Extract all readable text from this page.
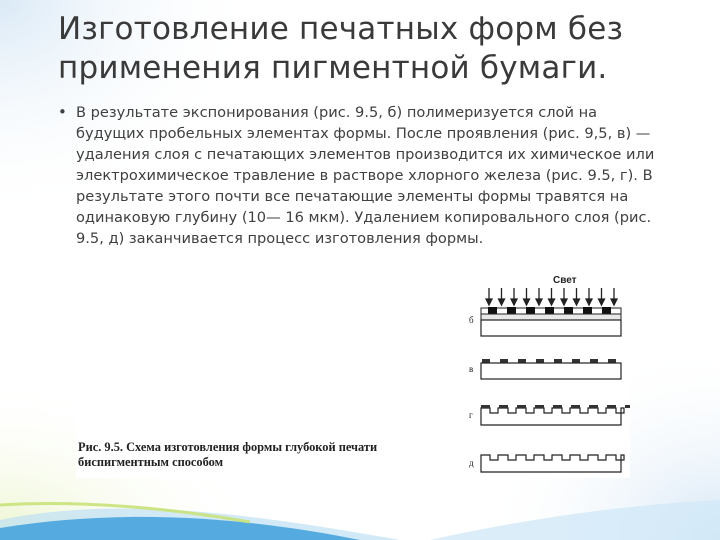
Изготовление печатных форм без применения пигментной бумаги.
• В результате экспонирования (рис. 9.5, б) полимеризуется слой на будущих пробельных элементах формы. После проявления (рис. 9,5, в) — удаления слоя с печатающих элементов производится их химическое или электрохимическое травление в растворе хлорного железа (рис. 9.5, г). В результате этого почти все печатающие элементы формы травятся на одинаковую глубину (10— 16 мкм). Удалением копировального слоя (рис. 9.5, д) заканчивается процесс изготовления формы.
Свет
б
в
г
д
Рис. 9.5. Схема изготовления формы глубокой печати биспигментным способом
